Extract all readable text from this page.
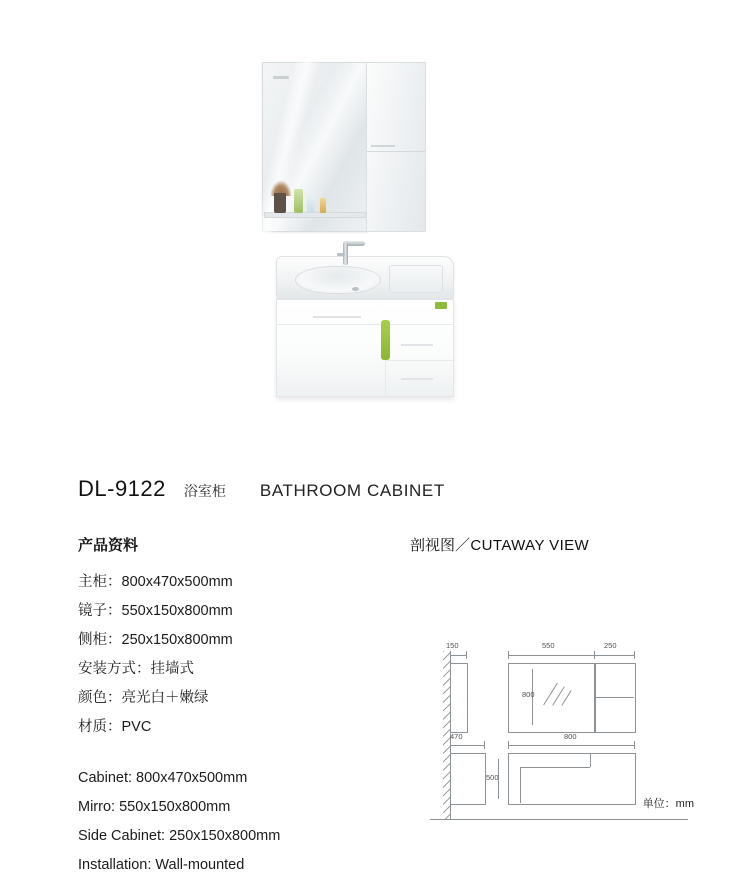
DL-9122 浴室柜 BATHROOM CABINET
产品资料
主柜：800x470x500mm
镜子：550x150x800mm
侧柜：250x150x800mm
安装方式：挂墙式
颜色：亮光白＋嫩绿
材质：PVC
Cabinet: 800x470x500mm
Mirro: 550x150x800mm
Side Cabinet: 250x150x800mm
Installation: Wall-mounted
剖视图／CUTAWAY VIEW
150
470
550	250
800
800
500
单位：mm
